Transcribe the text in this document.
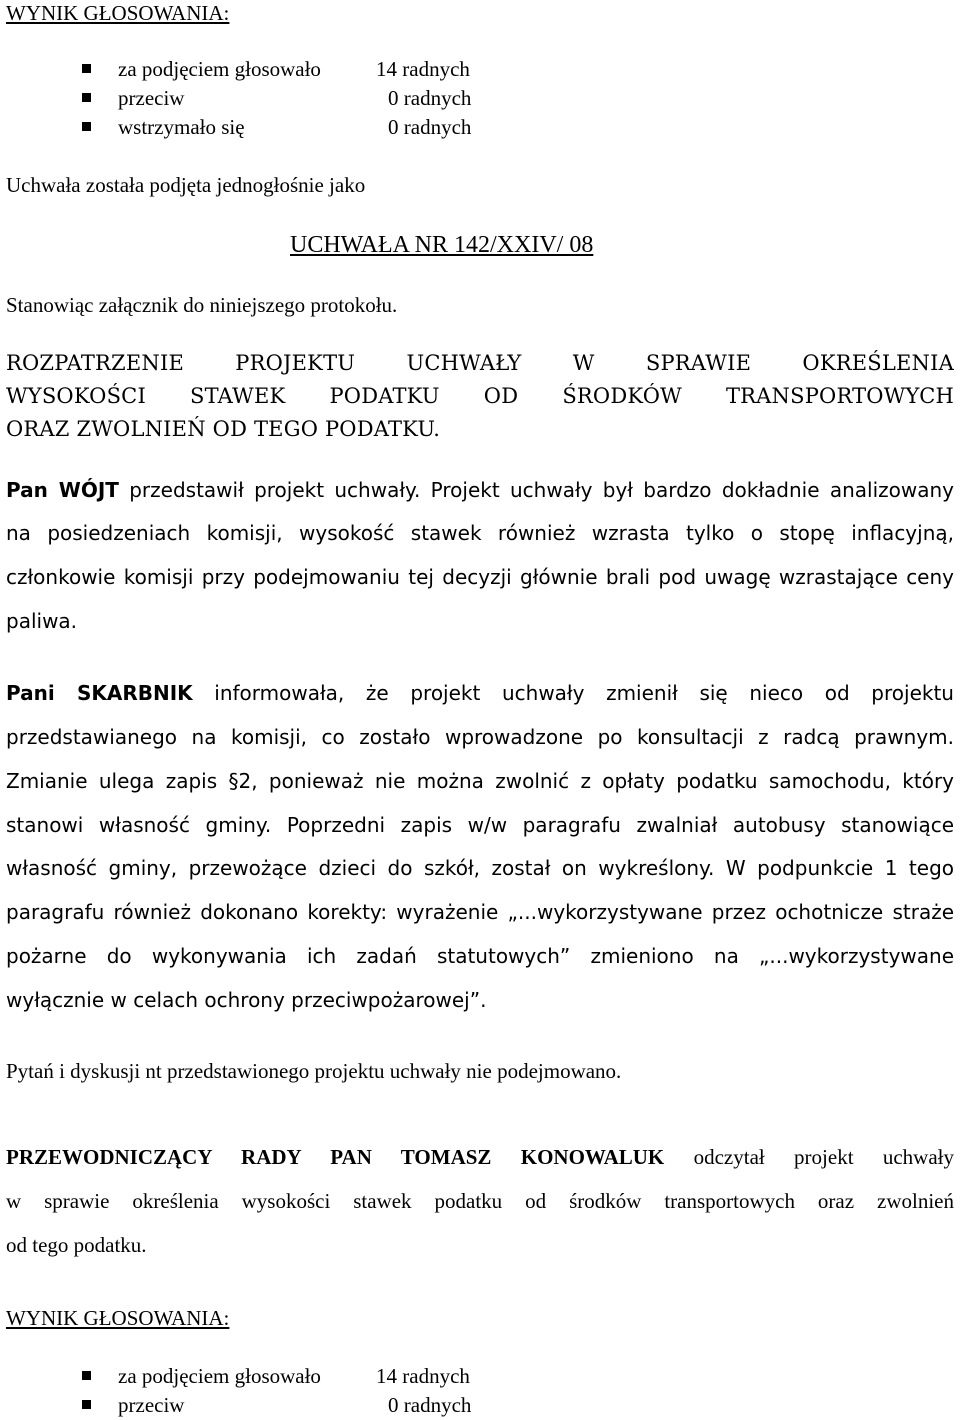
WYNIK GŁOSOWANIA:
za podjęciem głosowało	14 radnych
przeciw	0 radnych
wstrzymało się	0 radnych
Uchwała została podjęta jednogłośnie jako
UCHWAŁA NR 142/XXIV/ 08
Stanowiąc załącznik do niniejszego protokołu.
ROZPATRZENIE PROJEKTU UCHWAŁY W SPRAWIE OKREŚLENIA
WYSOKOŚCI STAWEK PODATKU OD ŚRODKÓW TRANSPORTOWYCH
ORAZ ZWOLNIEŃ OD TEGO PODATKU.
Pan WÓJT przedstawił projekt uchwały. Projekt uchwały był bardzo dokładnie analizowany
na posiedzeniach komisji, wysokość stawek również wzrasta tylko o stopę inflacyjną,
członkowie komisji przy podejmowaniu tej decyzji głównie brali pod uwagę wzrastające ceny
paliwa.
Pani SKARBNIK informowała, że projekt uchwały zmienił się nieco od projektu
przedstawianego na komisji, co zostało wprowadzone po konsultacji z radcą prawnym.
Zmianie ulega zapis §2, ponieważ nie można zwolnić z opłaty podatku samochodu, który
stanowi własność gminy. Poprzedni zapis w/w paragrafu zwalniał autobusy stanowiące
własność gminy, przewożące dzieci do szkół, został on wykreślony. W podpunkcie 1 tego
paragrafu również dokonano korekty: wyrażenie „...wykorzystywane przez ochotnicze straże
pożarne do wykonywania ich zadań statutowych” zmieniono na „...wykorzystywane
wyłącznie w celach ochrony przeciwpożarowej”.
Pytań i dyskusji nt przedstawionego projektu uchwały nie podejmowano.
PRZEWODNICZĄCY RADY PAN TOMASZ KONOWALUK odczytał projekt uchwały
w sprawie określenia wysokości stawek podatku od środków transportowych oraz zwolnień
od tego podatku.
WYNIK GŁOSOWANIA:
za podjęciem głosowało	14 radnych
przeciw	0 radnych
